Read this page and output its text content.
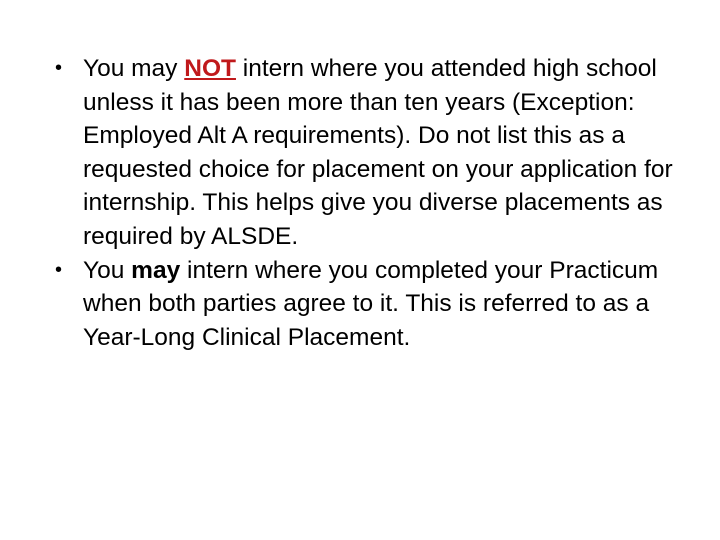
• You may NOT intern where you attended high school unless it has been more than ten years (Exception: Employed Alt A requirements). Do not list this as a requested choice for placement on your application for internship. This helps give you diverse placements as required by ALSDE.
• You may intern where you completed your Practicum when both parties agree to it. This is referred to as a Year-Long Clinical Placement.
